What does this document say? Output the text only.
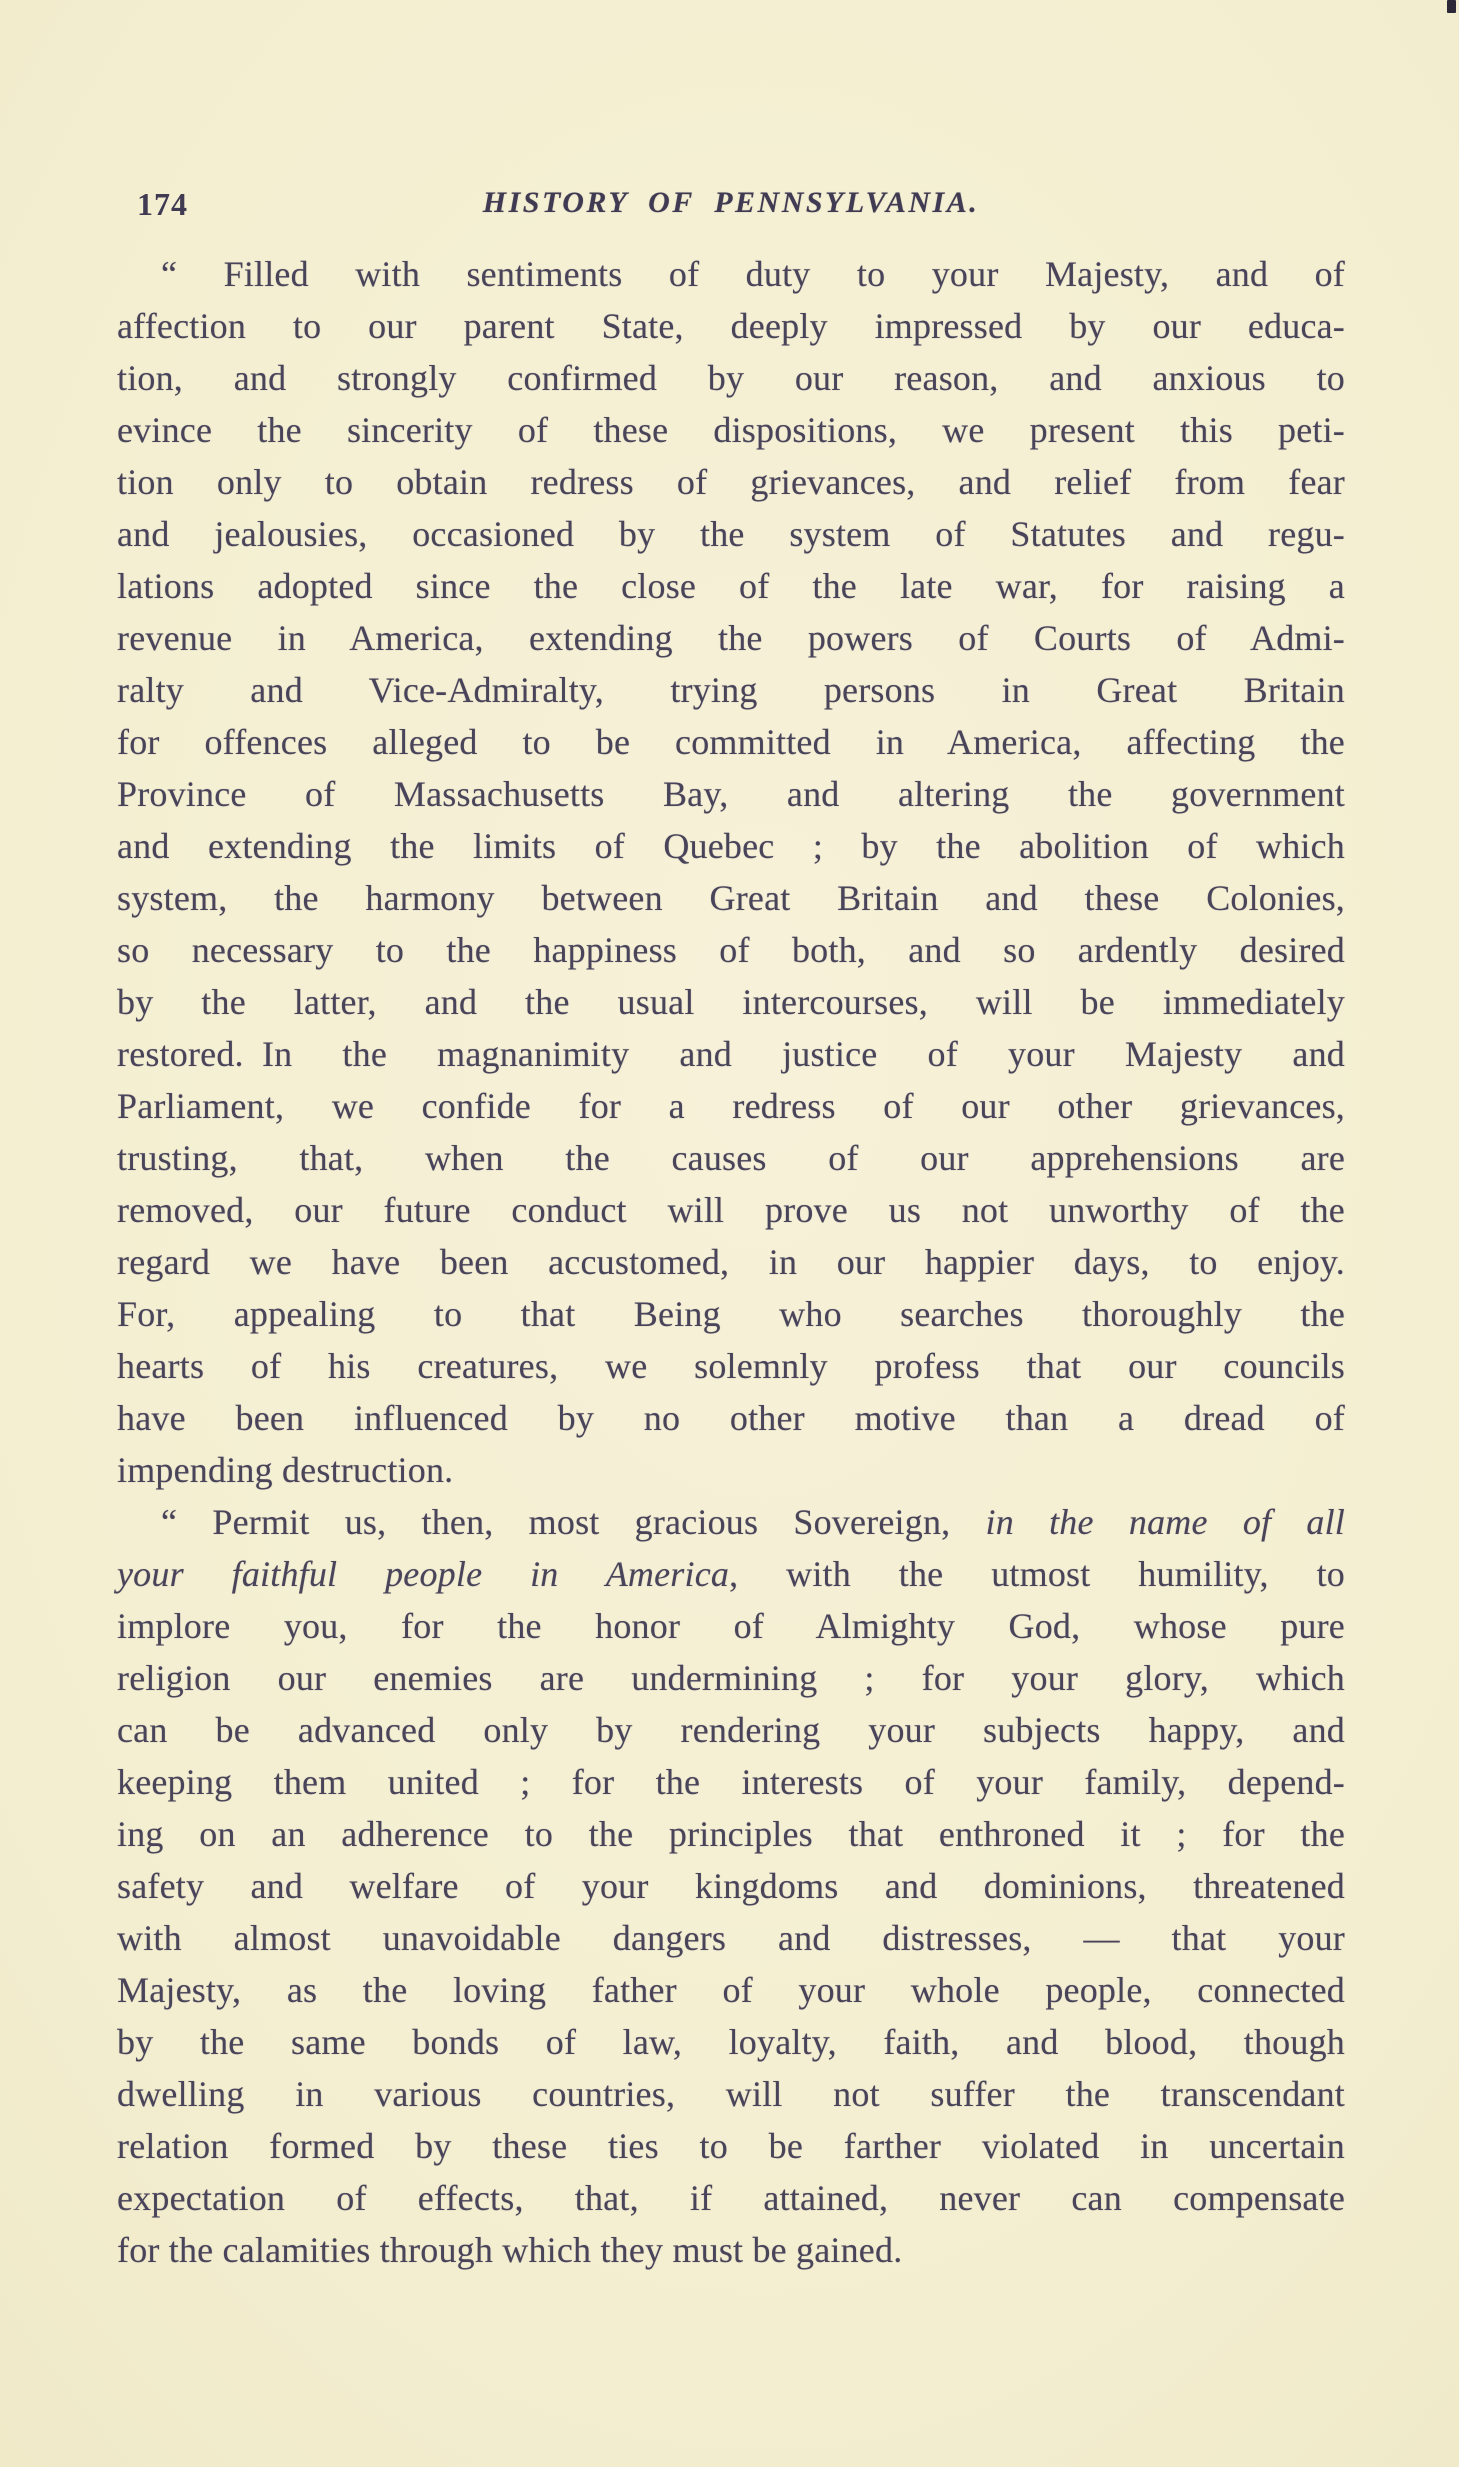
174	HISTORY OF PENNSYLVANIA.
“ Filled with sentiments of duty to your Majesty, and of
affection to our parent State, deeply impressed by our educa-
tion, and strongly confirmed by our reason, and anxious to
evince the sincerity of these dispositions, we present this peti-
tion only to obtain redress of grievances, and relief from fear
and jealousies, occasioned by the system of Statutes and regu-
lations adopted since the close of the late war, for raising a
revenue in America, extending the powers of Courts of Admi-
ralty and Vice-Admiralty, trying persons in Great Britain
for offences alleged to be committed in America, affecting the
Province of Massachusetts Bay, and altering the government
and extending the limits of Quebec ; by the abolition of which
system, the harmony between Great Britain and these Colonies,
so necessary to the happiness of both, and so ardently desired
by the latter, and the usual intercourses, will be immediately
restored. In the magnanimity and justice of your Majesty and
Parliament, we confide for a redress of our other grievances,
trusting, that, when the causes of our apprehensions are
removed, our future conduct will prove us not unworthy of the
regard we have been accustomed, in our happier days, to enjoy.
For, appealing to that Being who searches thoroughly the
hearts of his creatures, we solemnly profess that our councils
have been influenced by no other motive than a dread of
impending destruction.
“ Permit us, then, most gracious Sovereign, in the name of all
your faithful people in America, with the utmost humility, to
implore you, for the honor of Almighty God, whose pure
religion our enemies are undermining ; for your glory, which
can be advanced only by rendering your subjects happy, and
keeping them united ; for the interests of your family, depend-
ing on an adherence to the principles that enthroned it ; for the
safety and welfare of your kingdoms and dominions, threatened
with almost unavoidable dangers and distresses, — that your
Majesty, as the loving father of your whole people, connected
by the same bonds of law, loyalty, faith, and blood, though
dwelling in various countries, will not suffer the transcendant
relation formed by these ties to be farther violated in uncertain
expectation of effects, that, if attained, never can compensate
for the calamities through which they must be gained.
